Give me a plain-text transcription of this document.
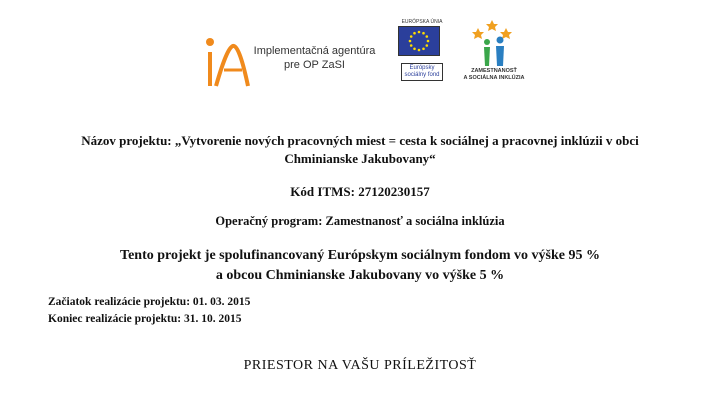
Implementačná agentúra
pre OP ZaSI
EURÓPSKA ÚNIA
Európsky sociálny fond
ZAMESTNANOSŤ
A SOCIÁLNA INKLÚZIA
Názov projektu: „Vytvorenie nových pracovných miest = cesta k sociálnej a pracovnej inklúzii v obci
Chminianske Jakubovany“
Kód ITMS: 27120230157
Operačný program: Zamestnanosť a sociálna inklúzia
Tento projekt je spolufinancovaný Európskym sociálnym fondom vo výške 95 %
a obcou Chminianske Jakubovany vo výške 5 %
Začiatok realizácie projektu: 01. 03. 2015
Koniec realizácie projektu: 31. 10. 2015
PRIESTOR NA VAŠU PRÍLEŽITOSŤ
